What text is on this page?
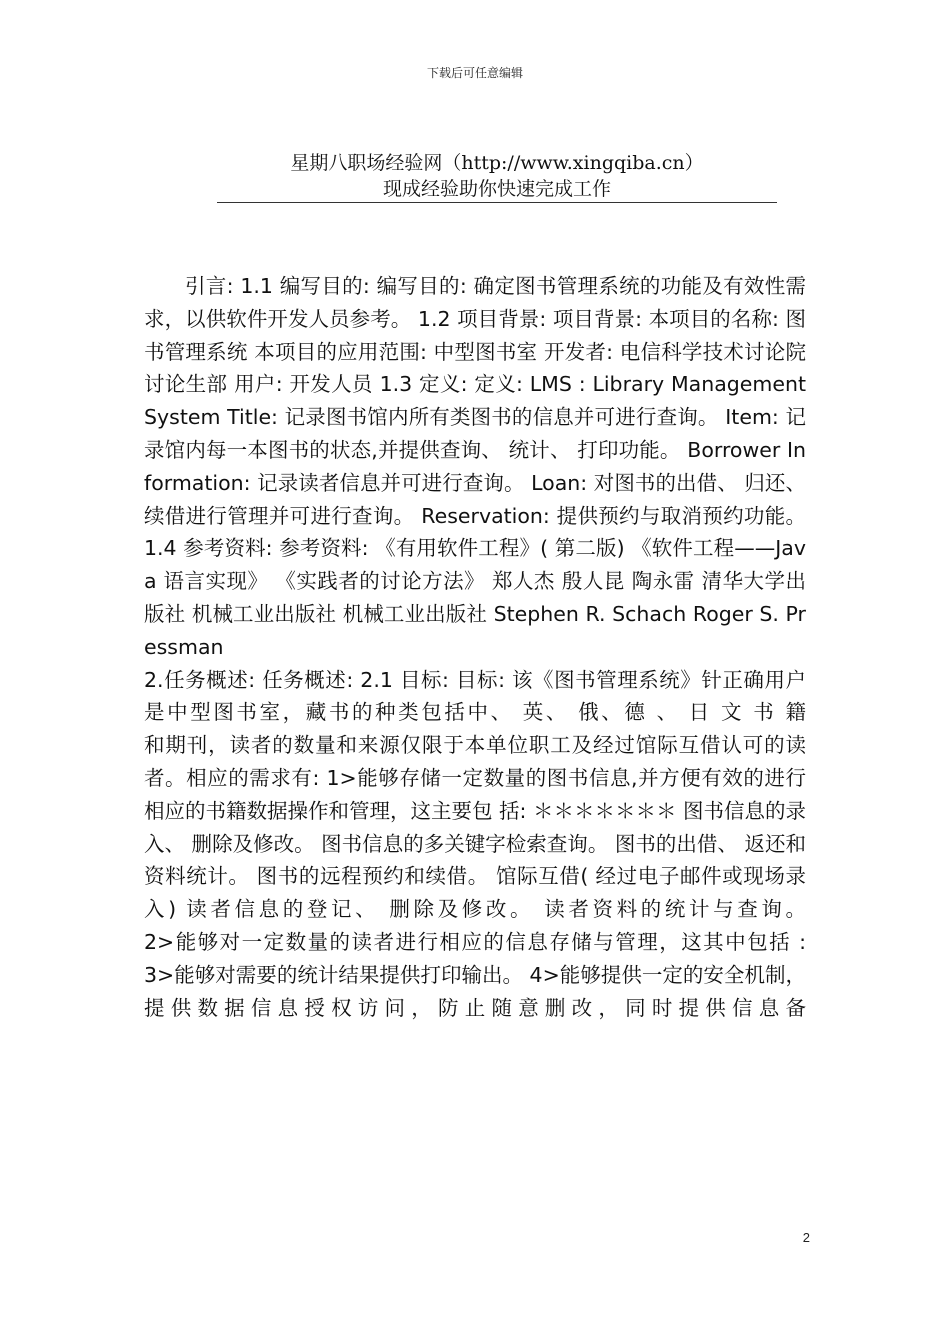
下载后可任意编辑
星期八职场经验网（http://www.xingqiba.cn）
现成经验助你快速完成工作

引言: 1.1 编写目的: 编写目的: 确定图书管理系统的功能及有效性需求，以供软件开发人员参考。 1.2 项目背景: 项目背景: 本项目的名称: 图书管理系统 本项目的应用范围: 中型图书室 开发者: 电信科学技术讨论院讨论生部 用户: 开发人员 1.3 定义: 定义: LMS : Library Management System Title: 记录图书馆内所有类图书的信息并可进行查询。 Item: 记录馆内每一本图书的状态,并提供查询、 统计、 打印功能。 Borrower Information: 记录读者信息并可进行查询。 Loan: 对图书的出借、 归还、 续借进行管理并可进行查询。 Reservation: 提供预约与取消预约功能。 1.4 参考资料: 参考资料: 《有用软件工程》( 第二版) 《软件工程——Java 语言实现》 《实践者的讨论方法》 郑人杰 殷人昆 陶永雷 清华大学出版社 机械工业出版社 机械工业出版社 Stephen R. Schach Roger S. Pressman

2.任务概述: 任务概述: 2.1 目标: 目标: 该《图书管理系统》针正确用户是中型图书室，藏书的种类包括中、 英、 俄、德 、 日 文 书 籍

和期刊，读者的数量和来源仅限于本单位职工及经过馆际互借认可的读者。相应的需求有: 1>能够存储一定数量的图书信息,并方便有效的进行相应的书籍数据操作和管理，这主要包 括: ＊＊＊＊＊＊＊ 图书信息的录入、 删除及修改。 图书信息的多关键字检索查询。 图书的出借、 返还和资料统计。 图书的远程预约和续借。 馆际互借( 经过电子邮件或现场录入) 读者信息的登记、 删除及修改。 读者资料的统计与查询。

2>能够对一定数量的读者进行相应的信息存储与管理，这其中包括 :

3>能够对需要的统计结果提供打印输出。 4>能够提供一定的安全机制，提供数据信息授权访问，防止随意删改，同时提供信息备

2
